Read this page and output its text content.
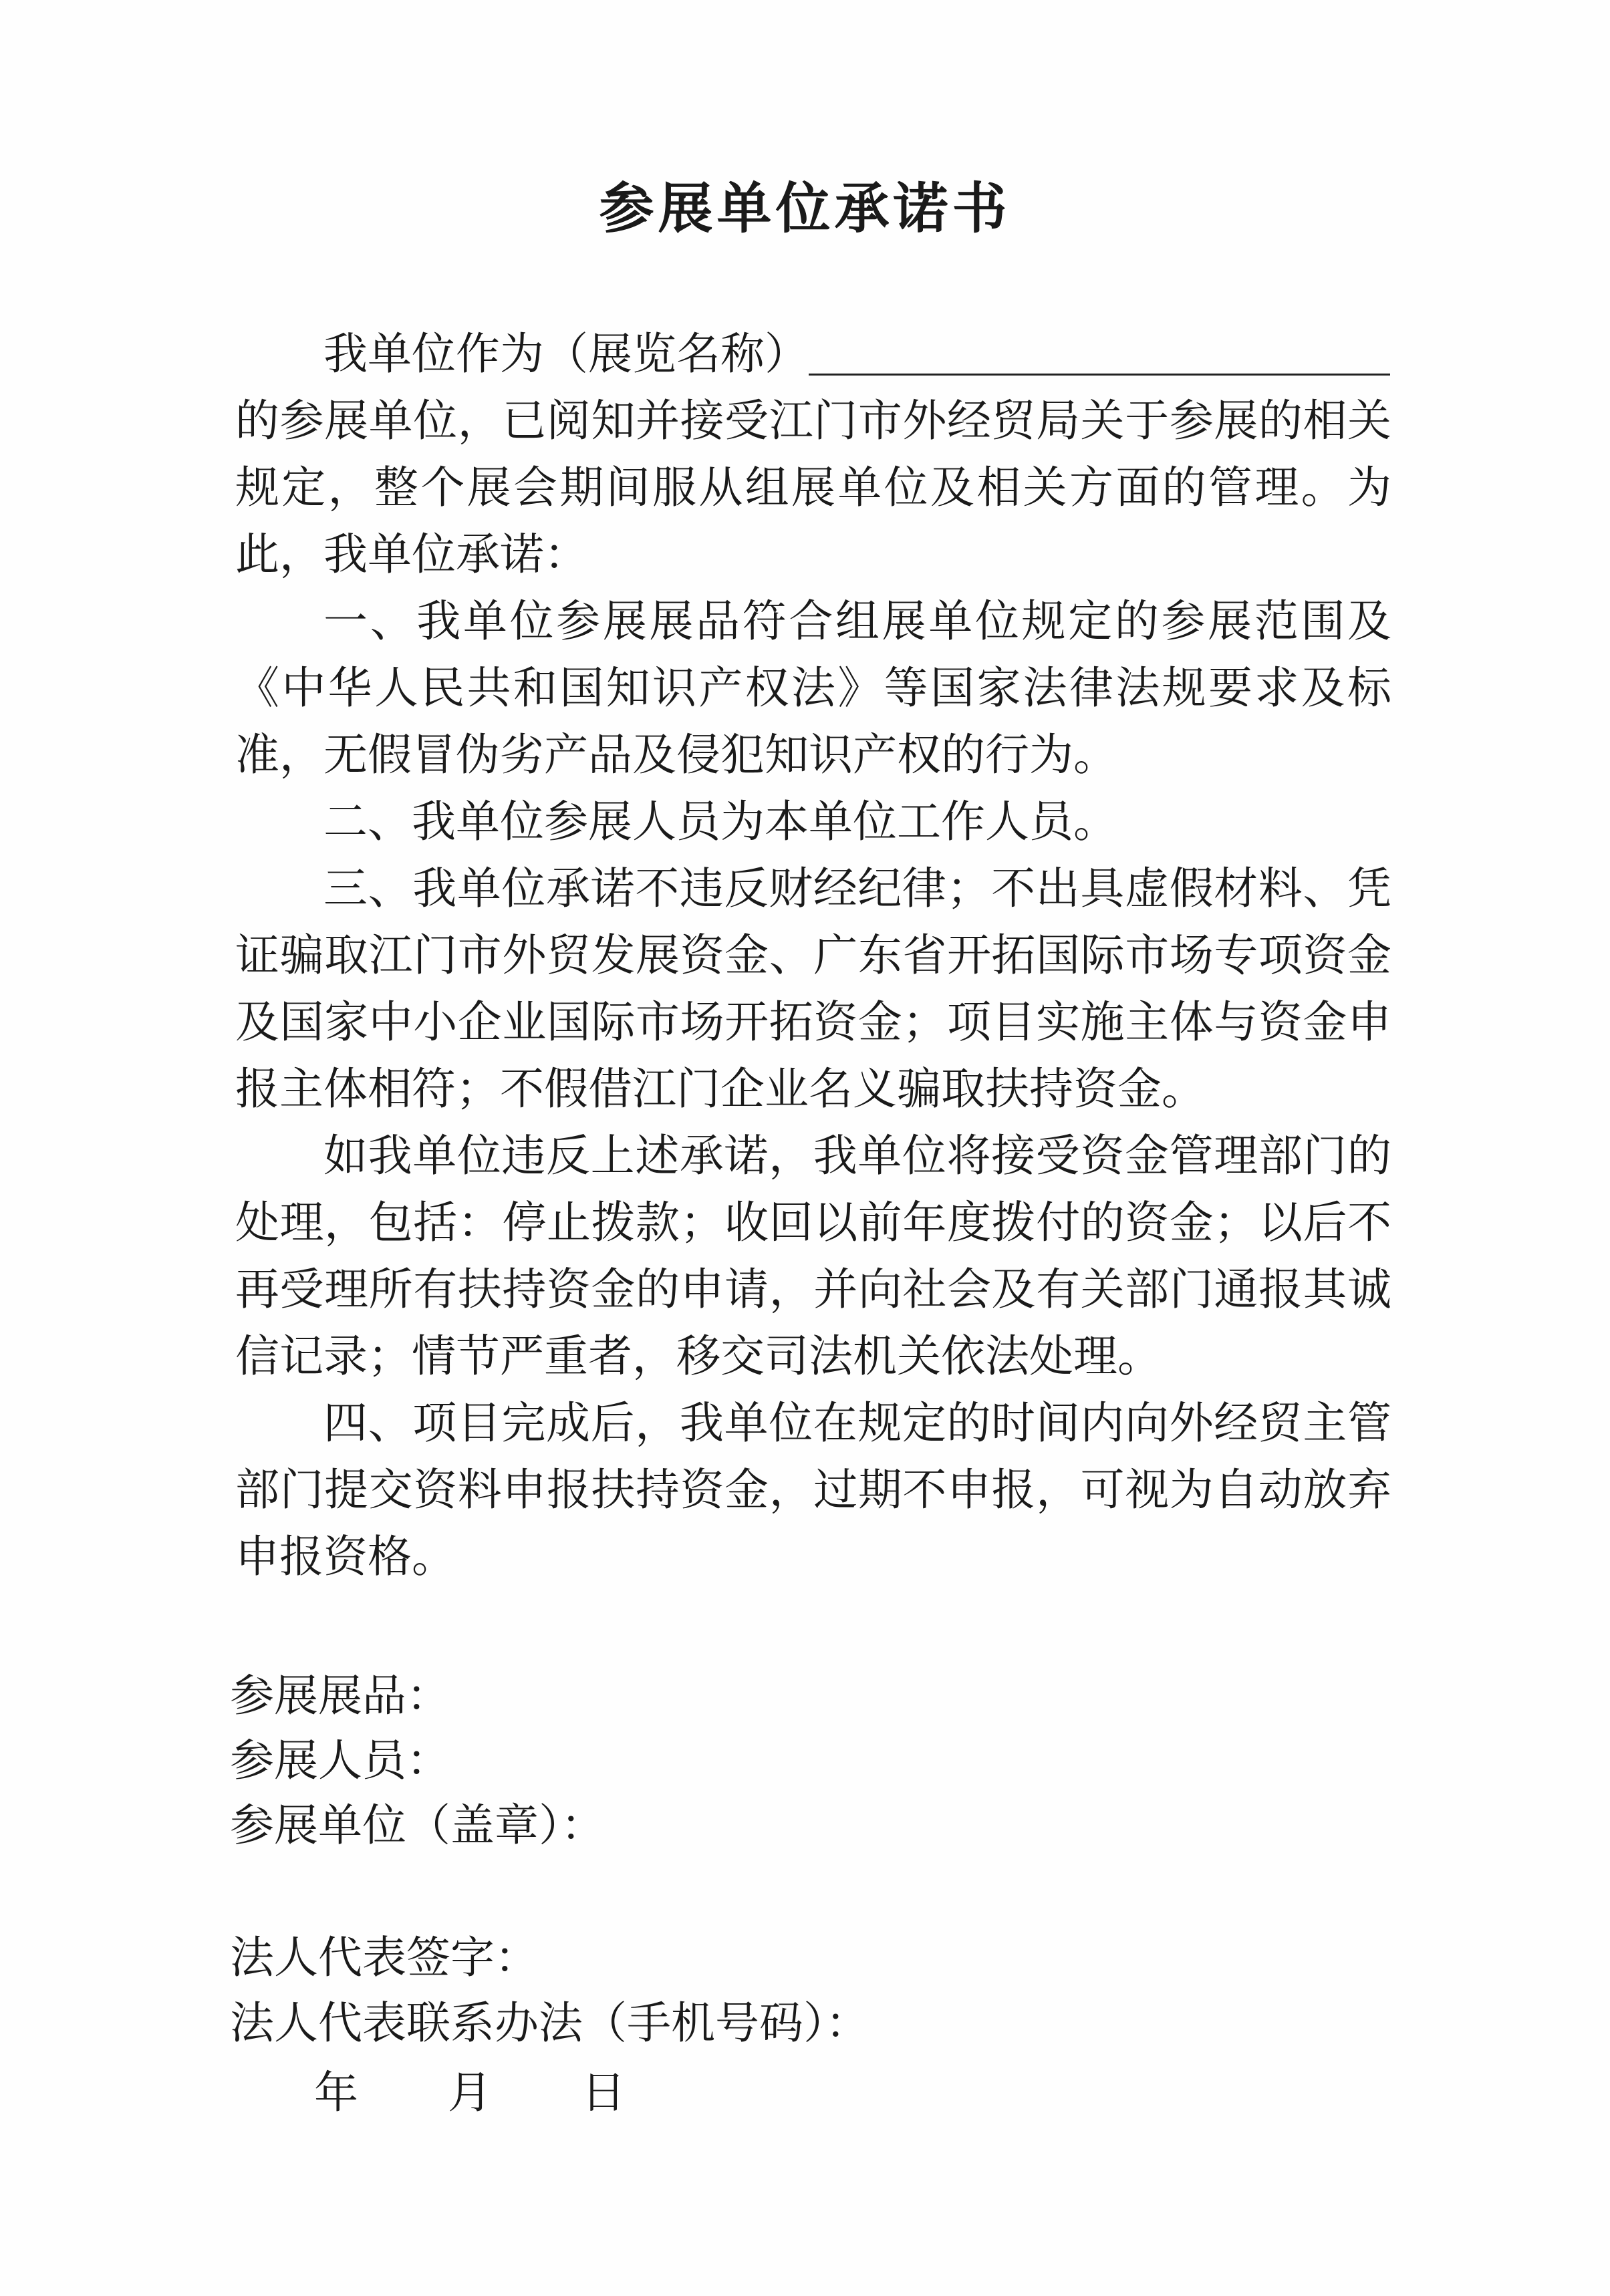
参展单位承诺书

我单位作为（展览名称）

的参展单位，已阅知并接受江门市外经贸局关于参展的相关规定，整个展会期间服从组展单位及相关方面的管理。为此，我单位承诺：

一、我单位参展展品符合组展单位规定的参展范围及《中华人民共和国知识产权法》等国家法律法规要求及标准，无假冒伪劣产品及侵犯知识产权的行为。

二、我单位参展人员为本单位工作人员。

三、我单位承诺不违反财经纪律；不出具虚假材料、凭证骗取江门市外贸发展资金、广东省开拓国际市场专项资金及国家中小企业国际市场开拓资金；项目实施主体与资金申报主体相符；不假借江门企业名义骗取扶持资金。

如我单位违反上述承诺，我单位将接受资金管理部门的处理，包括：停止拨款；收回以前年度拨付的资金；以后不再受理所有扶持资金的申请，并向社会及有关部门通报其诚信记录；情节严重者，移交司法机关依法处理。

四、项目完成后，我单位在规定的时间内向外经贸主管部门提交资料申报扶持资金，过期不申报，可视为自动放弃申报资格。

参展展品：

参展人员：

参展单位（盖章）：

法人代表签字：

法人代表联系办法（手机号码）：

年 月 日
